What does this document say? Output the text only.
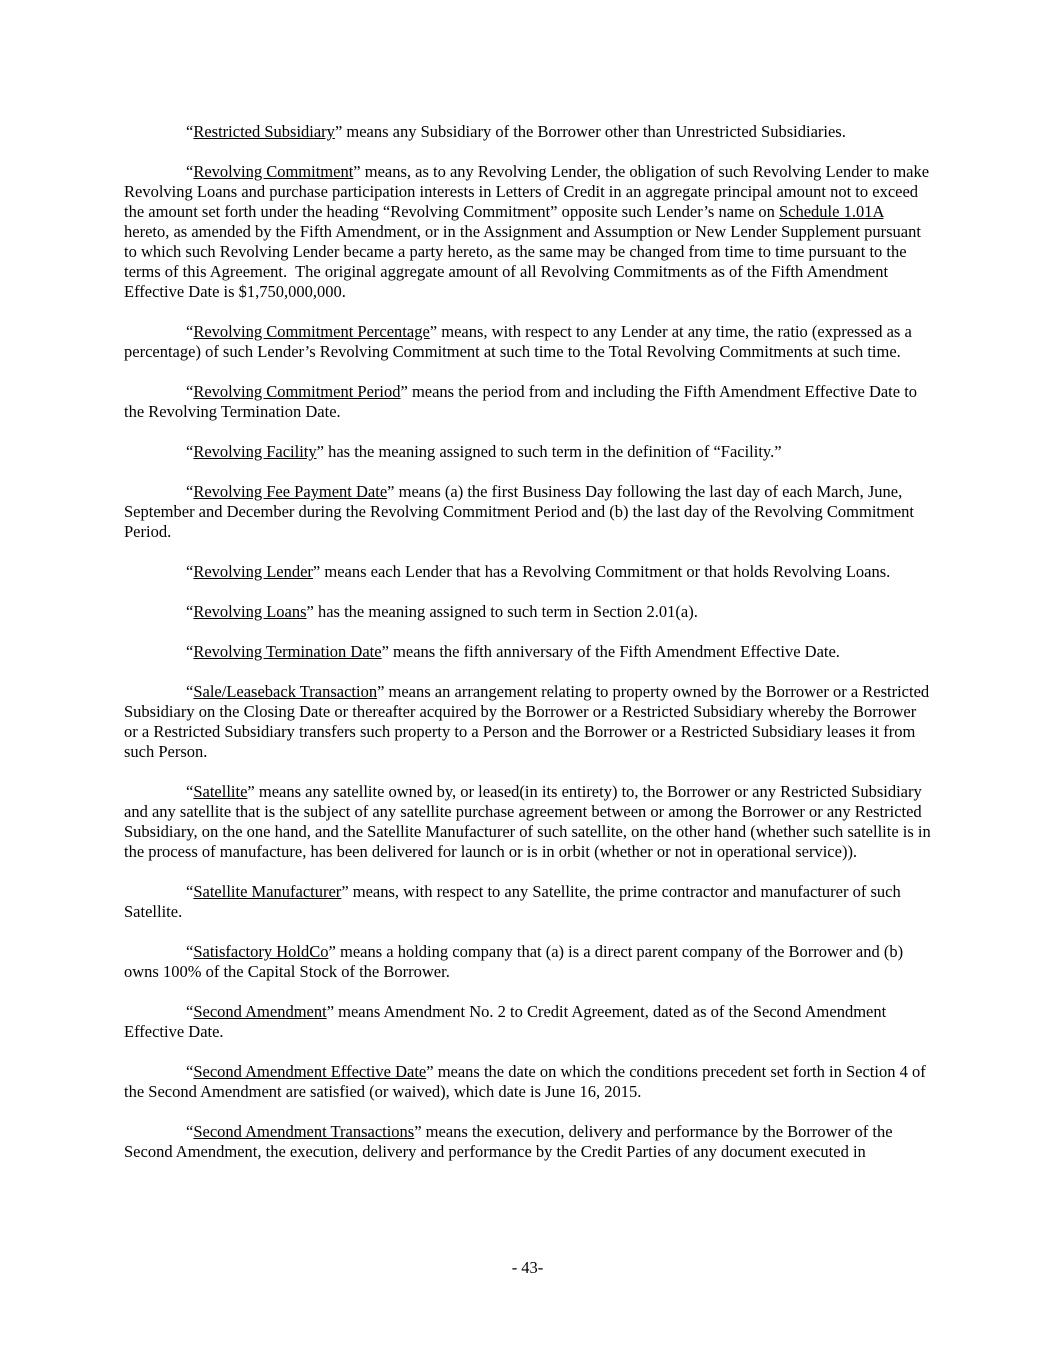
“Restricted Subsidiary” means any Subsidiary of the Borrower other than Unrestricted Subsidiaries.

“Revolving Commitment” means, as to any Revolving Lender, the obligation of such Revolving Lender to make Revolving Loans and purchase participation interests in Letters of Credit in an aggregate principal amount not to exceed the amount set forth under the heading “Revolving Commitment” opposite such Lender’s name on Schedule 1.01A hereto, as amended by the Fifth Amendment, or in the Assignment and Assumption or New Lender Supplement pursuant to which such Revolving Lender became a party hereto, as the same may be changed from time to time pursuant to the terms of this Agreement.  The original aggregate amount of all Revolving Commitments as of the Fifth Amendment Effective Date is $1,750,000,000.

“Revolving Commitment Percentage” means, with respect to any Lender at any time, the ratio (expressed as a percentage) of such Lender’s Revolving Commitment at such time to the Total Revolving Commitments at such time.

“Revolving Commitment Period” means the period from and including the Fifth Amendment Effective Date to the Revolving Termination Date.

“Revolving Facility” has the meaning assigned to such term in the definition of “Facility.”

“Revolving Fee Payment Date” means (a) the first Business Day following the last day of each March, June, September and December during the Revolving Commitment Period and (b) the last day of the Revolving Commitment Period.

“Revolving Lender” means each Lender that has a Revolving Commitment or that holds Revolving Loans.

“Revolving Loans” has the meaning assigned to such term in Section 2.01(a).

“Revolving Termination Date” means the fifth anniversary of the Fifth Amendment Effective Date.

“Sale/Leaseback Transaction” means an arrangement relating to property owned by the Borrower or a Restricted Subsidiary on the Closing Date or thereafter acquired by the Borrower or a Restricted Subsidiary whereby the Borrower or a Restricted Subsidiary transfers such property to a Person and the Borrower or a Restricted Subsidiary leases it from such Person.

“Satellite” means any satellite owned by, or leased(in its entirety) to, the Borrower or any Restricted Subsidiary and any satellite that is the subject of any satellite purchase agreement between or among the Borrower or any Restricted Subsidiary, on the one hand, and the Satellite Manufacturer of such satellite, on the other hand (whether such satellite is in the process of manufacture, has been delivered for launch or is in orbit (whether or not in operational service)).

“Satellite Manufacturer” means, with respect to any Satellite, the prime contractor and manufacturer of such Satellite.

“Satisfactory HoldCo” means a holding company that (a) is a direct parent company of the Borrower and (b) owns 100% of the Capital Stock of the Borrower.

“Second Amendment” means Amendment No. 2 to Credit Agreement, dated as of the Second Amendment Effective Date.

“Second Amendment Effective Date” means the date on which the conditions precedent set forth in Section 4 of the Second Amendment are satisfied (or waived), which date is June 16, 2015.

“Second Amendment Transactions” means the execution, delivery and performance by the Borrower of the Second Amendment, the execution, delivery and performance by the Credit Parties of any document executed in

- 43-
